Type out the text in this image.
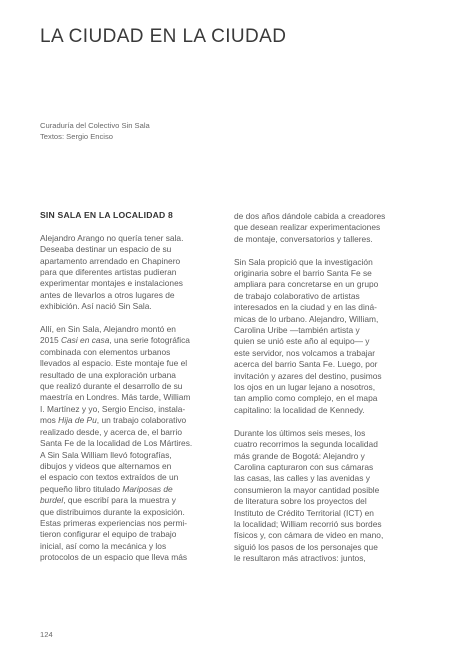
LA CIUDAD EN LA CIUDAD
Curaduría del Colectivo Sin Sala
Textos: Sergio Enciso
SIN SALA EN LA LOCALIDAD 8

Alejandro Arango no quería tener sala.
Deseaba destinar un espacio de su
apartamento arrendado en Chapinero
para que diferentes artistas pudieran
experimentar montajes e instalaciones
antes de llevarlos a otros lugares de
exhibición. Así nació Sin Sala.

Allí, en Sin Sala, Alejandro montó en
2015 Casi en casa, una serie fotográfica
combinada con elementos urbanos
llevados al espacio. Este montaje fue el
resultado de una exploración urbana
que realizó durante el desarrollo de su
maestría en Londres. Más tarde, William
I. Martínez y yo, Sergio Enciso, instala-
mos Hija de Pu, un trabajo colaborativo
realizado desde, y acerca de, el barrio
Santa Fe de la localidad de Los Mártires.
A Sin Sala William llevó fotografías,
dibujos y videos que alternamos en
el espacio con textos extraídos de un
pequeño libro titulado Mariposas de
burdel, que escribí para la muestra y
que distribuimos durante la exposición.
Estas primeras experiencias nos permi-
tieron configurar el equipo de trabajo
inicial, así como la mecánica y los
protocolos de un espacio que lleva más

de dos años dándole cabida a creadores
que desean realizar experimentaciones
de montaje, conversatorios y talleres.

Sin Sala propició que la investigación
originaria sobre el barrio Santa Fe se
ampliara para concretarse en un grupo
de trabajo colaborativo de artistas
interesados en la ciudad y en las diná-
micas de lo urbano. Alejandro, William,
Carolina Uribe —también artista y
quien se unió este año al equipo— y
este servidor, nos volcamos a trabajar
acerca del barrio Santa Fe. Luego, por
invitación y azares del destino, pusimos
los ojos en un lugar lejano a nosotros,
tan amplio como complejo, en el mapa
capitalino: la localidad de Kennedy.

Durante los últimos seis meses, los
cuatro recorrimos la segunda localidad
más grande de Bogotá: Alejandro y
Carolina capturaron con sus cámaras
las casas, las calles y las avenidas y
consumieron la mayor cantidad posible
de literatura sobre los proyectos del
Instituto de Crédito Territorial (ICT) en
la localidad; William recorrió sus bordes
físicos y, con cámara de video en mano,
siguió los pasos de los personajes que
le resultaron más atractivos: juntos,

124
